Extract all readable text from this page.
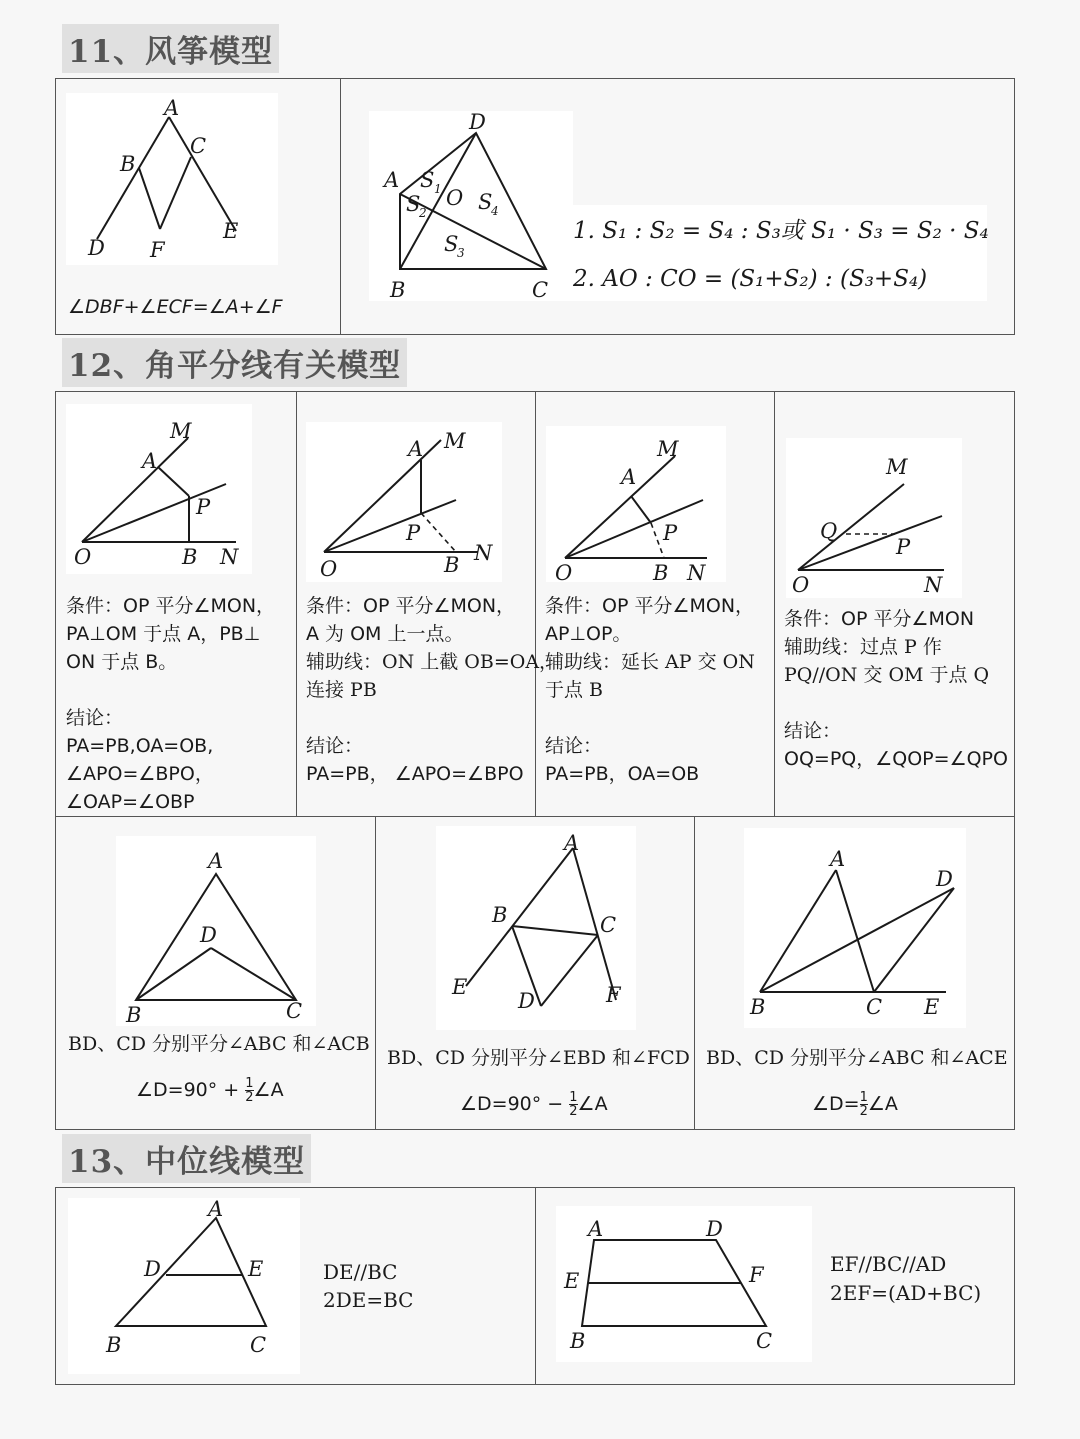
11、风筝模型
A
B
C
D
E
F
∠DBF+∠ECF=∠A+∠F
D
A
O
B	C
S 1
S
2
S
3
S
4
1. S₁ : S₂ = S₄ : S₃或 S₁ · S₃ = S₂ · S₄
2. AO : CO = (S₁+S₂) : (S₃+S₄)
12、角平分线有关模型
M
A
P
O	B N
条件：OP 平分∠MON，
PA⊥OM 于点 A，PB⊥
ON 于点 B。
结论：
PA=PB,OA=OB,
∠APO=∠BPO，
∠OAP=∠OBP
A M
P
O	B N
条件：OP 平分∠MON，
A 为 OM 上一点。
辅助线：ON 上截 OB=OA，
连接 PB
结论：
PA=PB， ∠APO=∠BPO
M
A
P
O	B N
条件：OP 平分∠MON，
AP⊥OP。
辅助线：延长 AP 交 ON
于点 B
结论：
PA=PB，OA=OB
M
Q
P
O	N
条件：OP 平分∠MON
辅助线：过点 P 作
PQ//ON 交 OM 于点 Q
结论：
OQ=PQ，∠QOP=∠QPO
A
D
B	C
BD、CD 分别平分∠ABC 和∠ACB
∠D=90° + $\frac{1}{2}$ ∠A
A
B	C
E
D	F
BD、CD 分别平分∠EBD 和∠FCD
∠D=90° − $\frac{1}{2}$ ∠A
A
D
B	C E
BD、CD 分别平分∠ABC 和∠ACE
∠D= $\frac{1}{2}$ ∠A
13、中位线模型
A
D	E
B	C
DE//BC
2DE=BC
A	D
E	F
B	C
EF//BC//AD
2EF=(AD+BC)
